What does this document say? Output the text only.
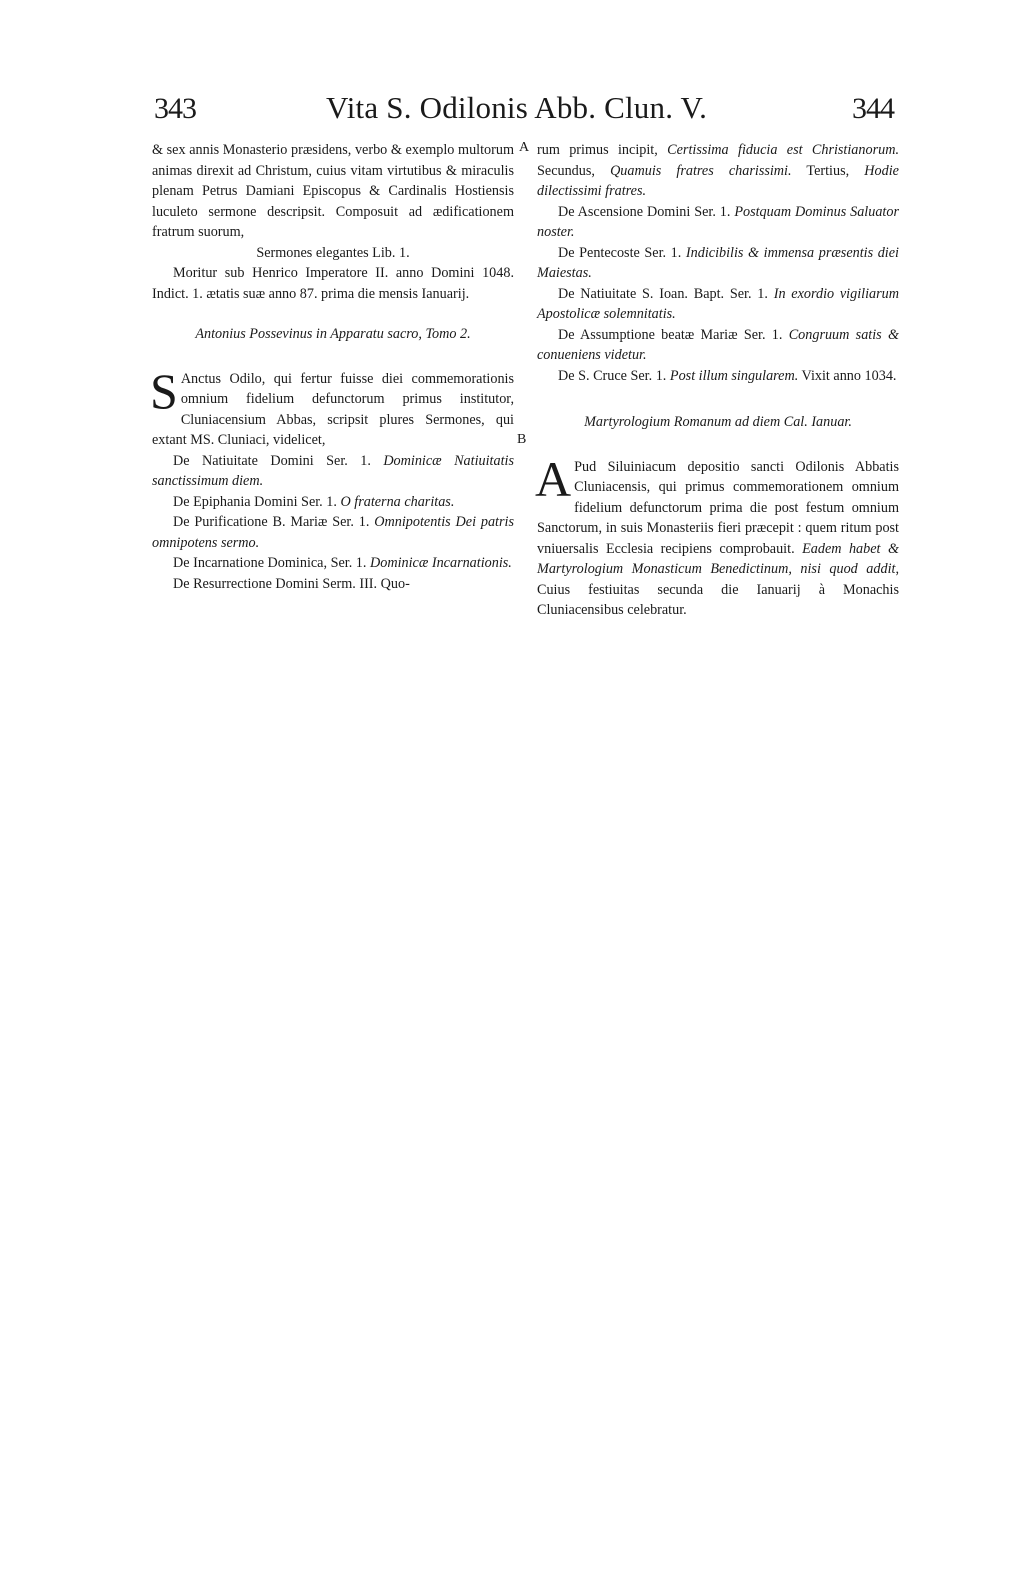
343	Vita S. Odilonis Abb. Clun. V.	344
A
B

& sex annis Monasterio præsidens, verbo & exemplo multorum animas direxit ad Christum, cuius vitam virtutibus & miraculis plenam Petrus Damiani Episcopus & Cardinalis Hostiensis luculeto sermone descripsit. Composuit ad ædificationem fratrum suorum,

Sermones elegantes Lib. 1.

Moritur sub Henrico Imperatore II. anno Domini 1048. Indict. 1. ætatis suæ anno 87. prima die mensis Ianuarij.

Antonius Possevinus in Apparatu sacro, Tomo 2.

S Anctus Odilo, qui fertur fuisse diei commemorationis omnium fidelium defunctorum primus institutor, Cluniacensium Abbas, scripsit plures Sermones, qui extant MS. Cluniaci, videlicet,

De Natiuitate Domini Ser. 1. Dominicæ Natiuitatis sanctissimum diem.

De Epiphania Domini Ser. 1. O fraterna charitas.

De Purificatione B. Mariæ Ser. 1. Omnipotentis Dei patris omnipotens sermo.

De Incarnatione Dominica, Ser. 1. Dominicæ Incarnationis.

De Resurrectione Domini Serm. III. Quo-

rum primus incipit, Certissima fiducia est Christianorum. Secundus, Quamuis fratres charissimi. Tertius, Hodie dilectissimi fratres.

De Ascensione Domini Ser. 1. Postquam Dominus Saluator noster.

De Pentecoste Ser. 1. Indicibilis & immensa præsentis diei Maiestas.

De Natiuitate S. Ioan. Bapt. Ser. 1. In exordio vigiliarum Apostolicæ solemnitatis.

De Assumptione beatæ Mariæ Ser. 1. Congruum satis & conueniens videtur.

De S. Cruce Ser. 1. Post illum singularem. Vixit anno 1034.

Martyrologium Romanum ad diem Cal. Ianuar.

A Pud Siluiniacum depositio sancti Odilonis Abbatis Cluniacensis, qui primus commemorationem omnium fidelium defunctorum prima die post festum omnium Sanctorum, in suis Monasteriis fieri præcepit : quem ritum post vniuersalis Ecclesia recipiens comprobauit. Eadem habet & Martyrologium Monasticum Benedictinum, nisi quod addit, Cuius festiuitas secunda die Ianuarij à Monachis Cluniacensibus celebratur.
